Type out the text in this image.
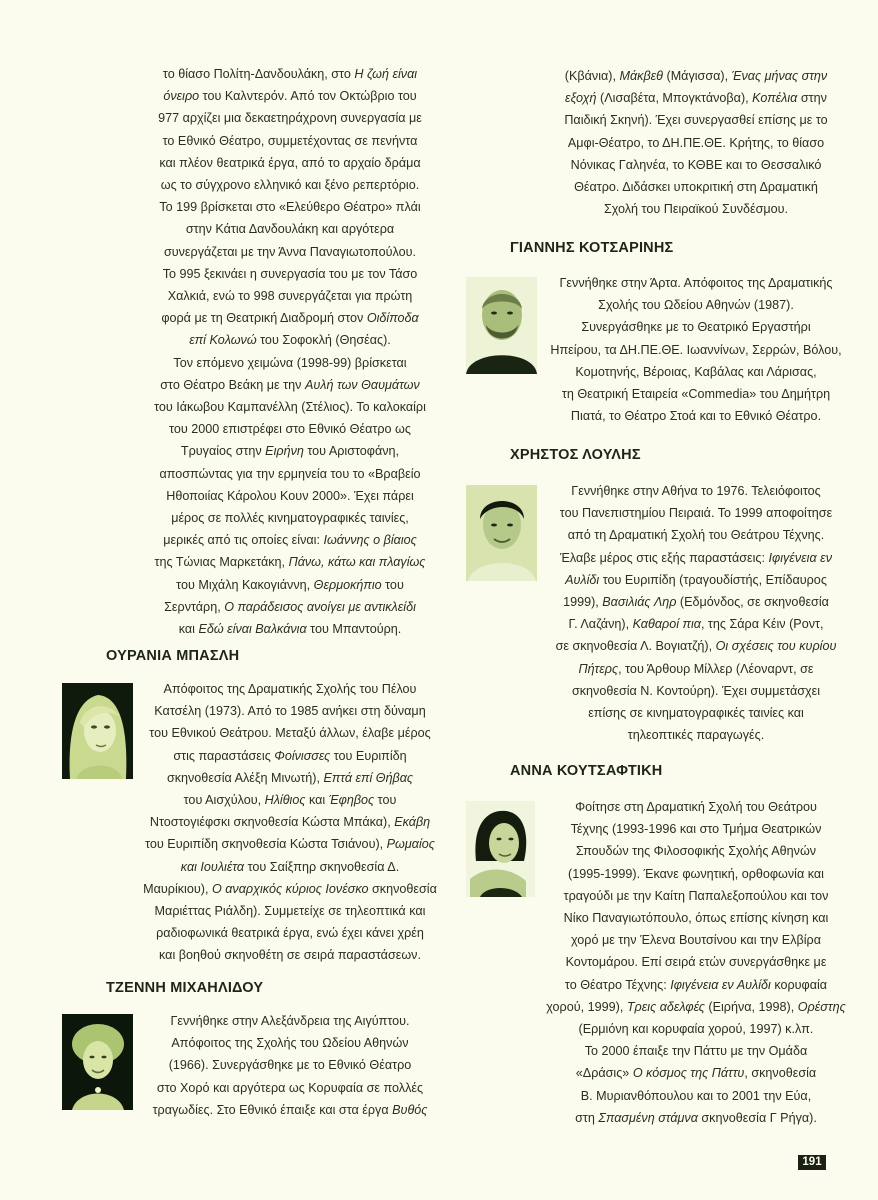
το θίασο Πολίτη-Δανδουλάκη, στο Η ζωή είναι

όνειρο του Καλντερόν. Από τον Οκτώβριο του

977 αρχίζει μια δεκαετηράχρονη συνεργασία με

το Εθνικό Θέατρο, συμμετέχοντας σε πενήντα

και πλέον θεατρικά έργα, από το αρχαίο δράμα

ως το σύγχρονο ελληνικό και ξένο ρεπερτόριο.

Το 199 βρίσκεται στο «Ελεύθερο Θέατρο» πλάι

στην Κάτια Δανδουλάκη και αργότερα

συνεργάζεται με την Άννα Παναγιωτοπούλου.

Το 995 ξεκινάει η συνεργασία του με τον Τάσο

Χαλκιά, ενώ το 998 συνεργάζεται για πρώτη

φορά με τη Θεατρική Διαδρομή στον Οιδίποδα

επί Κολωνώ του Σοφοκλή (Θησέας).

Τον επόμενο χειμώνα (1998-99) βρίσκεται

στο Θέατρο Βεάκη με την Αυλή των Θαυμάτων

του Ιάκωβου Καμπανέλλη (Στέλιος). Το καλοκαίρι

του 2000 επιστρέφει στο Εθνικό Θέατρο ως

Τρυγαίος στην Ειρήνη του Αριστοφάνη,

αποσπώντας για την ερμηνεία του το «Βραβείο

Ηθοποιίας Κάρολου Κουν 2000». Έχει πάρει

μέρος σε πολλές κινηματογραφικές ταινίες,

μερικές από τις οποίες είναι: Ιωάννης ο βίαιος

της Τώνιας Μαρκετάκη, Πάνω, κάτω και πλαγίως

του Μιχάλη Κακογιάννη, Θερμοκήπιο του

Σερντάρη, Ο παράδεισος ανοίγει με αντικλείδι

και Εδώ είναι Βαλκάνια του Μπαντούρη.

ΟΥΡΑΝΙΑ ΜΠΑΣΛΗ

Απόφοιτος της Δραματικής Σχολής του Πέλου

Κατσέλη (1973). Από το 1985 ανήκει στη δύναμη

του Εθνικού Θεάτρου. Μεταξύ άλλων, έλαβε μέρος

στις παραστάσεις Φοίνισσες του Ευριπίδη

σκηνοθεσία Αλέξη Μινωτή), Επτά επί Θήβας

του Αισχύλου, Ηλίθιος και Έφηβος του

Ντοστογιέφσκι σκηνοθεσία Κώστα Μπάκα), Εκάβη

του Ευριπίδη σκηνοθεσία Κώστα Τσιάνου), Ρωμαίος

και Ιουλιέτα του Σαίξπηρ σκηνοθεσία Δ.

Μαυρίκιου), Ο αναρχικός κύριος Ιονέσκο σκηνοθεσία

Μαριέττας Ριάλδη). Συμμετείχε σε τηλεοπτικά και

ραδιοφωνικά θεατρικά έργα, ενώ έχει κάνει χρέη

και βοηθού σκηνοθέτη σε σειρά παραστάσεων.

ΤΖΕΝΝΗ ΜΙΧΑΗΛΙΔΟΥ

Γεννήθηκε στην Αλεξάνδρεια της Αιγύπτου.

Απόφοιτος της Σχολής του Ωδείου Αθηνών

(1966). Συνεργάσθηκε με το Εθνικό Θέατρο

στο Χορό και αργότερα ως Κορυφαία σε πολλές

τραγωδίες. Στο Εθνικό έπαιξε και στα έργα Βυθός

(Κβάνια), Μάκβεθ (Μάγισσα), Ένας μήνας στην

εξοχή (Λισαβέτα, Μπογκτάνοβα), Κοπέλια στην

Παιδική Σκηνή). Έχει συνεργασθεί επίσης με το

Αμφι-Θέατρο, το ΔΗ.ΠΕ.ΘΕ. Κρήτης, το θίασο

Νόνικας Γαληνέα, το ΚΘΒΕ και το Θεσσαλικό

Θέατρο. Διδάσκει υποκριτική στη Δραματική

Σχολή του Πειραϊκού Συνδέσμου.

ΓΙΑΝΝΗΣ ΚΟΤΣΑΡΙΝΗΣ

Γεννήθηκε στην Άρτα. Απόφοιτος της Δραματικής

Σχολής του Ωδείου Αθηνών (1987).

Συνεργάσθηκε με το Θεατρικό Εργαστήρι

Ηπείρου, τα ΔΗ.ΠΕ.ΘΕ. Ιωαννίνων, Σερρών, Βόλου,

Κομοτηνής, Βέροιας, Καβάλας και Λάρισας,

τη Θεατρική Εταιρεία «Commedia» του Δημήτρη

Πιατά, το Θέατρο Στοά και το Εθνικό Θέατρο.

ΧΡΗΣΤΟΣ ΛΟΥΛΗΣ

Γεννήθηκε στην Αθήνα το 1976. Τελειόφοιτος

του Πανεπιστημίου Πειραιά. Το 1999 αποφοίτησε

από τη Δραματική Σχολή του Θεάτρου Τέχνης.

Έλαβε μέρος στις εξής παραστάσεις: Ιφιγένεια εν

Αυλίδι του Ευριπίδη (τραγουδίστής, Επίδαυρος

1999), Βασιλιάς Ληρ (Εδμόνδος, σε σκηνοθεσία

Γ. Λαζάνη), Καθαροί πια, της Σάρα Κέιν (Ροντ,

σε σκηνοθεσία Λ. Βογιατζή), Οι σχέσεις του κυρίου

Πήτερς, του Άρθουρ Μίλλερ (Λέοναρντ, σε

σκηνοθεσία Ν. Κοντούρη). Έχει συμμετάσχει

επίσης σε κινηματογραφικές ταινίες και

τηλεοπτικές παραγωγές.

ΑΝΝΑ ΚΟΥΤΣΑΦΤΙΚΗ

Φοίτησε στη Δραματική Σχολή του Θεάτρου

Τέχνης (1993-1996 και στο Τμήμα Θεατρικών

Σπουδών της Φιλοσοφικής Σχολής Αθηνών

(1995-1999). Έκανε φωνητική, ορθοφωνία και

τραγούδι με την Καίτη Παπαλεξοπούλου και τον

Νίκο Παναγιωτόπουλο, όπως επίσης κίνηση και

χορό με την Έλενα Βουτσίνου και την Ελβίρα

Κοντομάρου. Επί σειρά ετών συνεργάσθηκε με

το Θέατρο Τέχνης: Ιφιγένεια εν Αυλίδι κορυφαία

χορού, 1999), Τρεις αδελφές (Ειρήνα, 1998), Ορέστης

(Ερμιόνη και κορυφαία χορού, 1997) κ.λπ.

Το 2000 έπαιξε την Πάττυ με την Ομάδα

«Δράσις» Ο κόσμος της Πάττυ, σκηνοθεσία

Β. Μυριανθόπουλου και το 2001 την Εύα,

στη Σπασμένη στάμνα σκηνοθεσία Γ Ρήγα).

191
